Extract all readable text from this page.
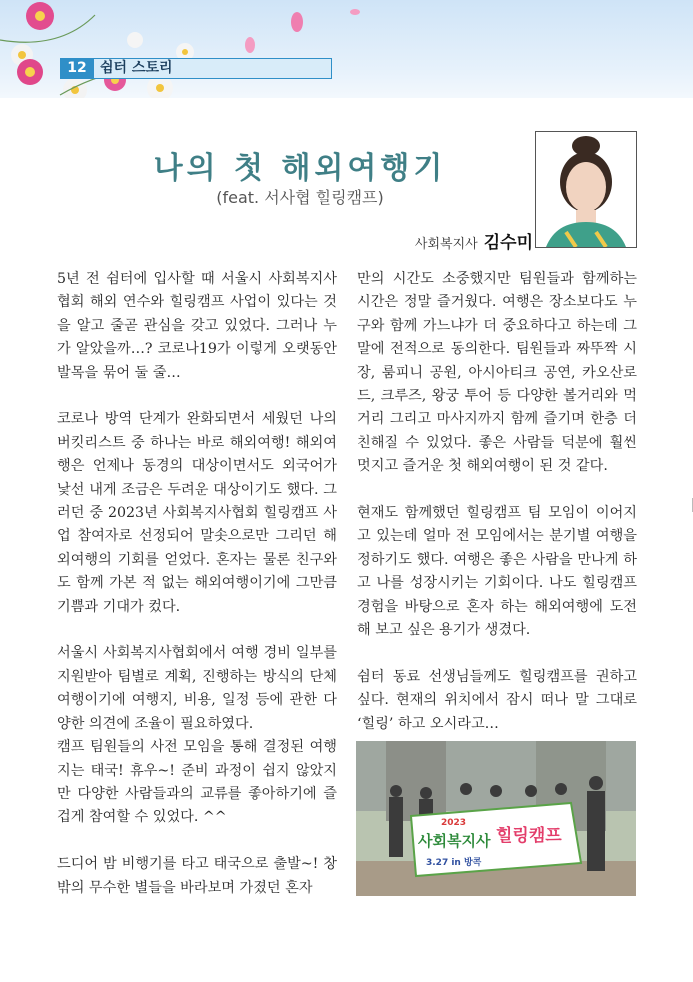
12 쉼터 스토리
나의 첫 해외여행기
(feat. 서사협 힐링캠프)
사회복지사 김수미

5년 전 쉼터에 입사할 때 서울시 사회복지사협회 해외 연수와 힐링캠프 사업이 있다는 것을 알고 줄곧 관심을 갖고 있었다. 그러나 누가 알았을까…? 코로나19가 이렇게 오랫동안 발목을 묶어 둘 줄…

코로나 방역 단계가 완화되면서 세웠던 나의 버킷리스트 중 하나는 바로 해외여행! 해외여행은 언제나 동경의 대상이면서도 외국어가 낯선 내게 조금은 두려운 대상이기도 했다. 그러던 중 2023년 사회복지사협회 힐링캠프 사업 참여자로 선정되어 말솟으로만 그리던 해외여행의 기회를 얻었다. 혼자는 물론 친구와도 함께 가본 적 없는 해외여행이기에 그만큼 기쁨과 기대가 컸다.

서울시 사회복지사협회에서 여행 경비 일부를 지원받아 팀별로 계획, 진행하는 방식의 단체여행이기에 여행지, 비용, 일정 등에 관한 다양한 의견에 조율이 필요하였다.

캠프 팀원들의 사전 모임을 통해 결정된 여행지는 태국! 휴우~! 준비 과정이 쉽지 않았지만 다양한 사람들과의 교류를 좋아하기에 즐겁게 참여할 수 있었다. ^^

드디어 밤 비행기를 타고 태국으로 출발~! 창밖의 무수한 별들을 바라보며 가졌던 혼자

만의 시간도 소중했지만 팀원들과 함께하는 시간은 정말 즐거웠다. 여행은 장소보다도 누구와 함께 가느냐가 더 중요하다고 하는데 그 말에 전적으로 동의한다. 팀원들과 짜뚜짝 시장, 룸피니 공원, 아시아티크 공연, 카오산로드, 크루즈, 왕궁 투어 등 다양한 볼거리와 먹거리 그리고 마사지까지 함께 즐기며 한층 더 친해질 수 있었다. 좋은 사람들 덕분에 훨씬 멋지고 즐거운 첫 해외여행이 된 것 같다.

현재도 함께했던 힐링캠프 팀 모임이 이어지고 있는데 얼마 전 모임에서는 분기별 여행을 정하기도 했다. 여행은 좋은 사람을 만나게 하고 나를 성장시키는 기회이다. 나도 힐링캠프 경험을 바탕으로 혼자 하는 해외여행에 도전해 보고 싶은 용기가 생겼다.

쉼터 동료 선생님들께도 힐링캠프를 권하고 싶다. 현재의 위치에서 잠시 떠나 말 그대로 ‘힐링’ 하고 오시라고…

2023
사회복지사 힐링캠프
3.27 in 방콕
